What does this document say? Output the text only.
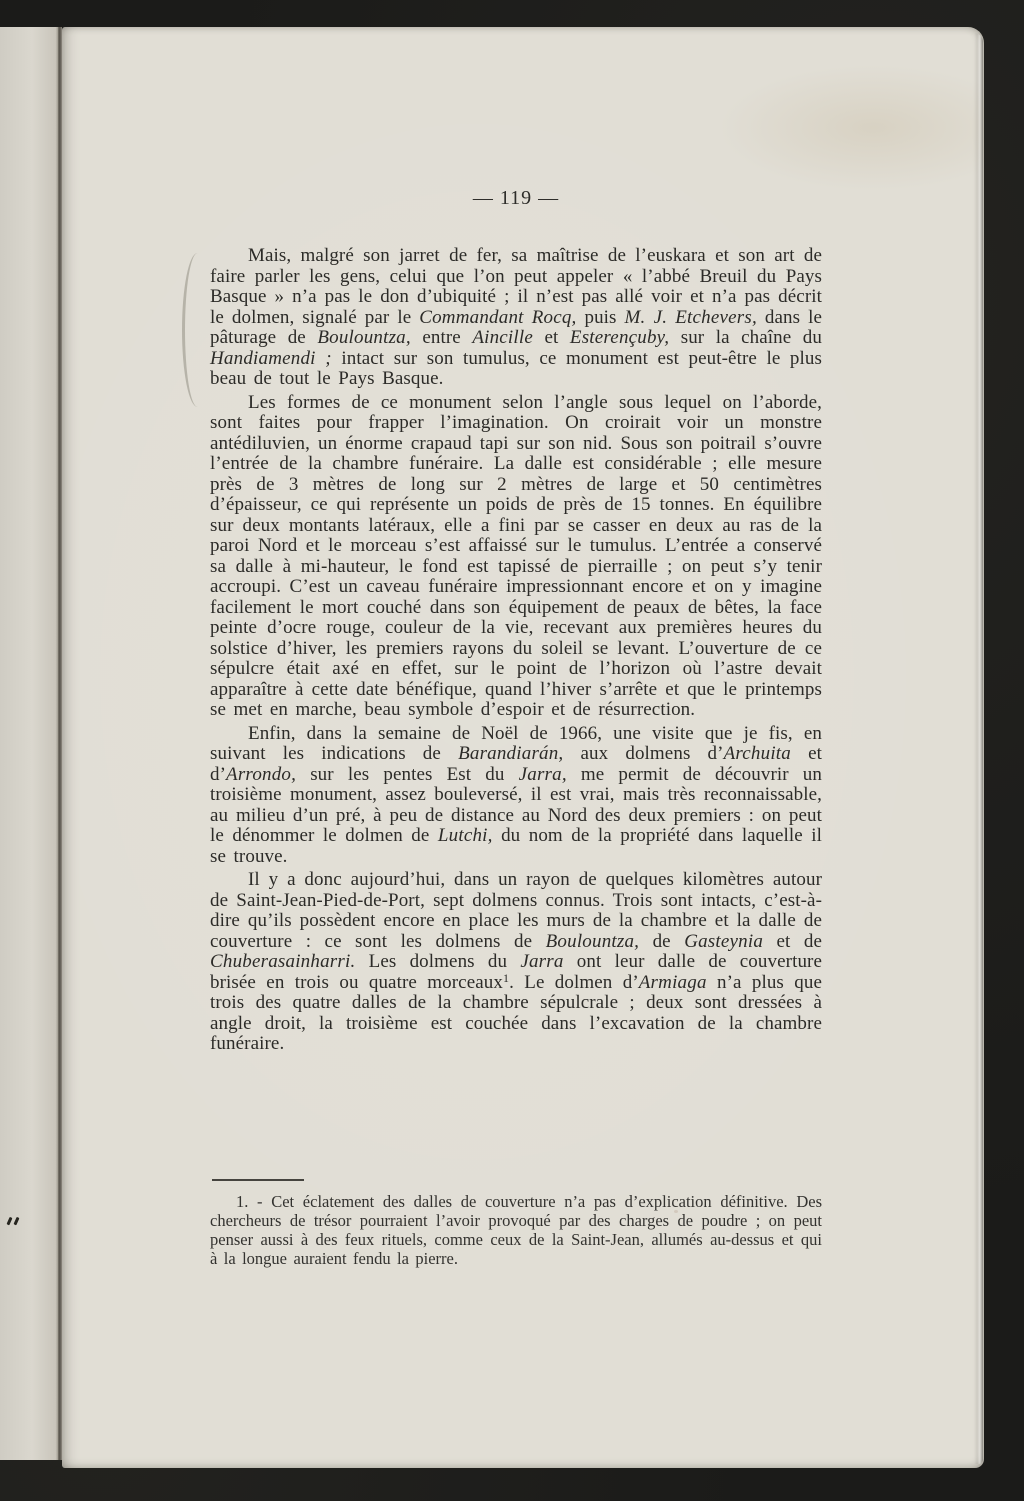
— 119 —

Mais, malgré son jarret de fer, sa maîtrise de l’euskara et son art de faire parler les gens, celui que l’on peut appeler « l’abbé Breuil du Pays Basque » n’a pas le don d’ubiquité ; il n’est pas allé voir et n’a pas décrit le dolmen, signalé par le Commandant Rocq, puis M. J. Etchevers, dans le pâturage de Boulountza, entre Aincille et Esterençuby, sur la chaîne du Handiamendi ; intact sur son tumulus, ce monument est peut-être le plus beau de tout le Pays Basque.

Les formes de ce monument selon l’angle sous lequel on l’aborde, sont faites pour frapper l’imagination. On croirait voir un monstre antédiluvien, un énorme crapaud tapi sur son nid. Sous son poitrail s’ouvre l’entrée de la chambre funéraire. La dalle est considérable ; elle mesure près de 3 mètres de long sur 2 mètres de large et 50 centimètres d’épaisseur, ce qui représente un poids de près de 15 tonnes. En équilibre sur deux montants latéraux, elle a fini par se casser en deux au ras de la paroi Nord et le morceau s’est affaissé sur le tumulus. L’entrée a conservé sa dalle à mi-hauteur, le fond est tapissé de pierraille ; on peut s’y tenir accroupi. C’est un caveau funéraire impressionnant encore et on y imagine facilement le mort couché dans son équipement de peaux de bêtes, la face peinte d’ocre rouge, couleur de la vie, recevant aux premières heures du solstice d’hiver, les premiers rayons du soleil se levant. L’ouverture de ce sépulcre était axé en effet, sur le point de l’horizon où l’astre devait apparaître à cette date bénéfique, quand l’hiver s’arrête et que le printemps se met en marche, beau symbole d’espoir et de résurrection.

Enfin, dans la semaine de Noël de 1966, une visite que je fis, en suivant les indications de Barandiarán, aux dolmens d’Archuita et d’Arrondo, sur les pentes Est du Jarra, me permit de découvrir un troisième monument, assez bouleversé, il est vrai, mais très reconnaissable, au milieu d’un pré, à peu de distance au Nord des deux premiers : on peut le dénommer le dolmen de Lutchi, du nom de la propriété dans laquelle il se trouve.

Il y a donc aujourd’hui, dans un rayon de quelques kilomètres autour de Saint-Jean-Pied-de-Port, sept dolmens connus. Trois sont intacts, c’est-à-dire qu’ils possèdent encore en place les murs de la chambre et la dalle de couverture : ce sont les dolmens de Boulountza, de Gasteynia et de Chuberasainharri. Les dolmens du Jarra ont leur dalle de couverture brisée en trois ou quatre morceaux$^1$. Le dolmen d’Armiaga n’a plus que trois des quatre dalles de la chambre sépulcrale ; deux sont dressées à angle droit, la troisième est couchée dans l’excavation de la chambre funéraire.

1. - Cet éclatement des dalles de couverture n’a pas d’explication définitive. Des chercheurs de trésor pourraient l’avoir provoqué par des charges de poudre ; on peut penser aussi à des feux rituels, comme ceux de la Saint-Jean, allumés au-dessus et qui à la longue auraient fendu la pierre.
